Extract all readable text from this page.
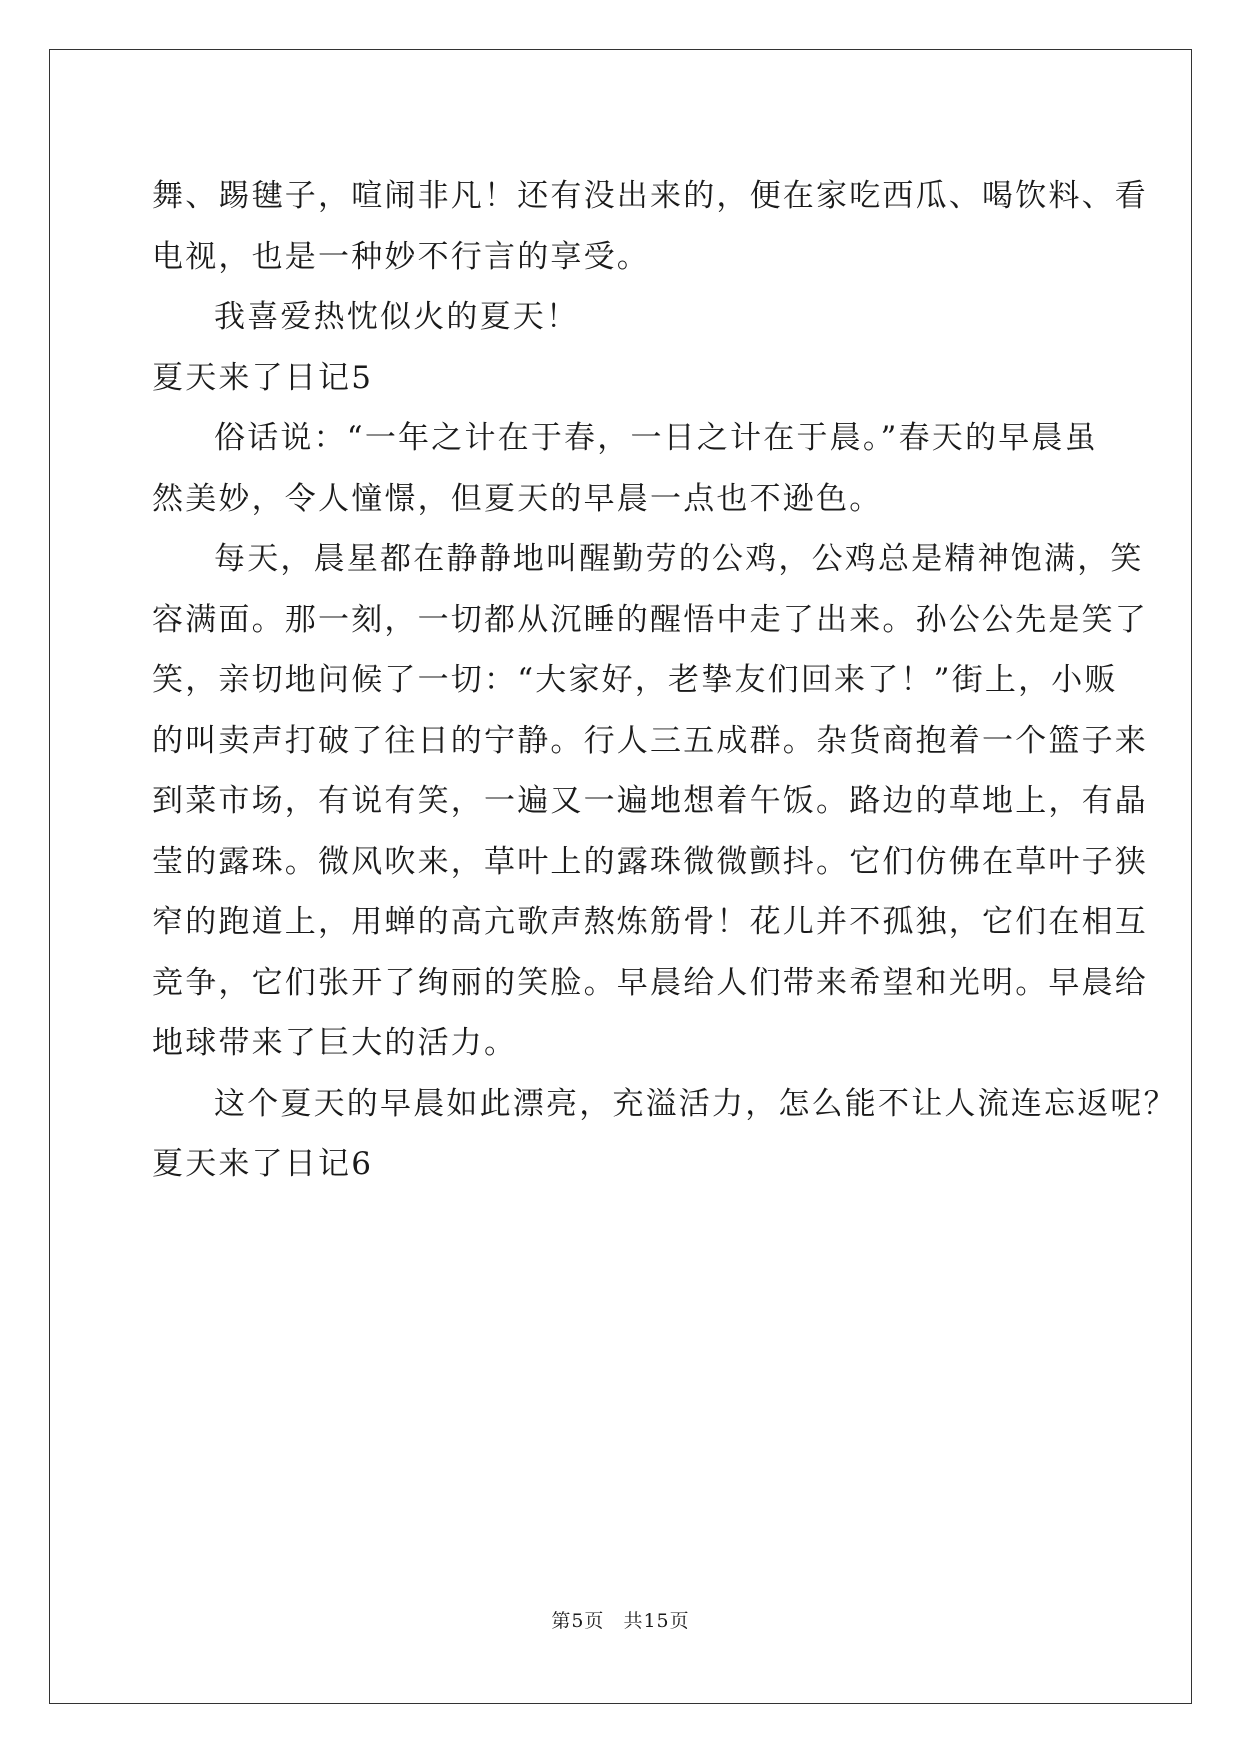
舞、踢毽子，喧闹非凡！还有没出来的，便在家吃西瓜、喝饮料、看
电视，也是一种妙不行言的享受。
我喜爱热忱似火的夏天！
夏天来了日记5
俗话说：“一年之计在于春，一日之计在于晨。”春天的早晨虽
然美妙，令人憧憬，但夏天的早晨一点也不逊色。
每天，晨星都在静静地叫醒勤劳的公鸡，公鸡总是精神饱满，笑
容满面。那一刻，一切都从沉睡的醒悟中走了出来。孙公公先是笑了
笑，亲切地问候了一切：“大家好，老挚友们回来了！”街上，小贩
的叫卖声打破了往日的宁静。行人三五成群。杂货商抱着一个篮子来
到菜市场，有说有笑，一遍又一遍地想着午饭。路边的草地上，有晶
莹的露珠。微风吹来，草叶上的露珠微微颤抖。它们仿佛在草叶子狭
窄的跑道上，用蝉的高亢歌声熬炼筋骨！花儿并不孤独，它们在相互
竞争，它们张开了绚丽的笑脸。早晨给人们带来希望和光明。早晨给
地球带来了巨大的活力。
这个夏天的早晨如此漂亮，充溢活力，怎么能不让人流连忘返呢？
夏天来了日记6
第5页 共15页
